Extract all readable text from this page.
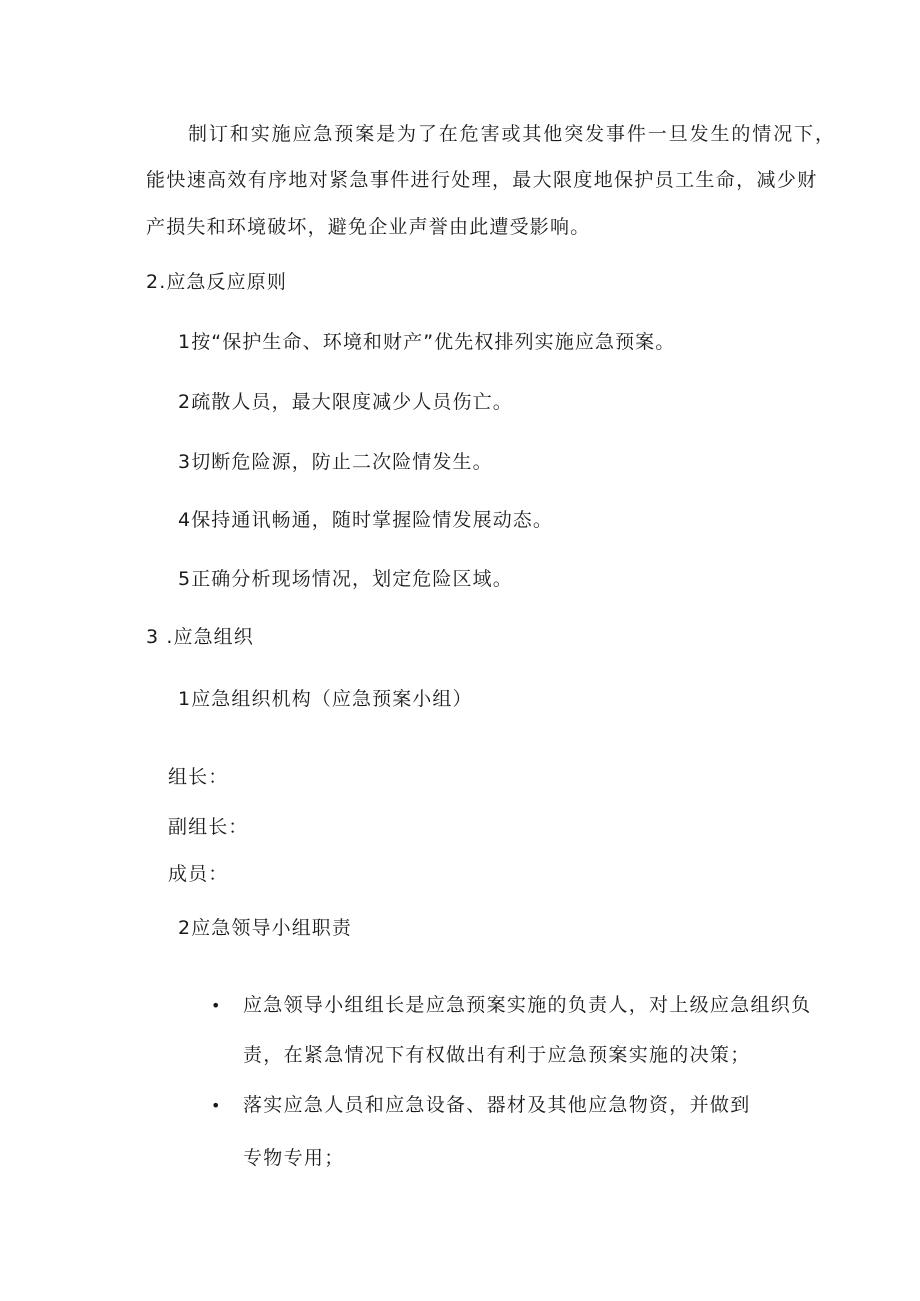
制订和实施应急预案是为了在危害或其他突发事件一旦发生的情况下，
能快速高效有序地对紧急事件进行处理，最大限度地保护员工生命，减少财
产损失和环境破坏，避免企业声誉由此遭受影响。
2.应急反应原则
1按“保护生命、环境和财产”优先权排列实施应急预案。
2疏散人员，最大限度减少人员伤亡。
3切断危险源，防止二次险情发生。
4保持通讯畅通，随时掌握险情发展动态。
5正确分析现场情况，划定危险区域。
3 .应急组织
1应急组织机构（应急预案小组）
组长：
副组长：
成员：
2应急领导小组职责
• 应急领导小组组长是应急预案实施的负责人，对上级应急组织负
责，在紧急情况下有权做出有利于应急预案实施的决策；
• 落实应急人员和应急设备、器材及其他应急物资，并做到
专物专用；
